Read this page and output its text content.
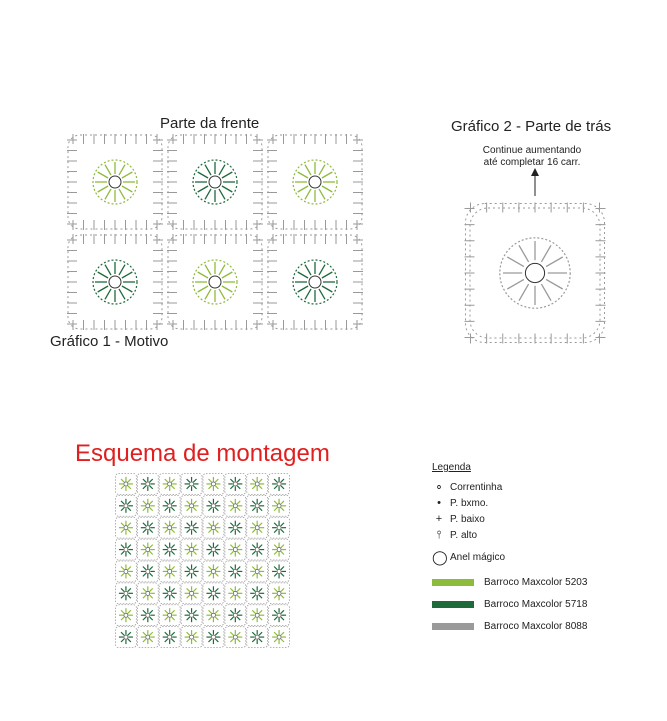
Parte da frente
Gráfico 1 - Motivo
Gráfico 2 - Parte de trás
Continue aumentando
até completar 16 carr.
Esquema de montagem
Legenda
⚬ Correntinha
• P. bxmo.
+ P. baixo
⫯ P. alto
◯ Anel mágico
Barroco Maxcolor 5203
Barroco Maxcolor 5718
Barroco Maxcolor 8088
